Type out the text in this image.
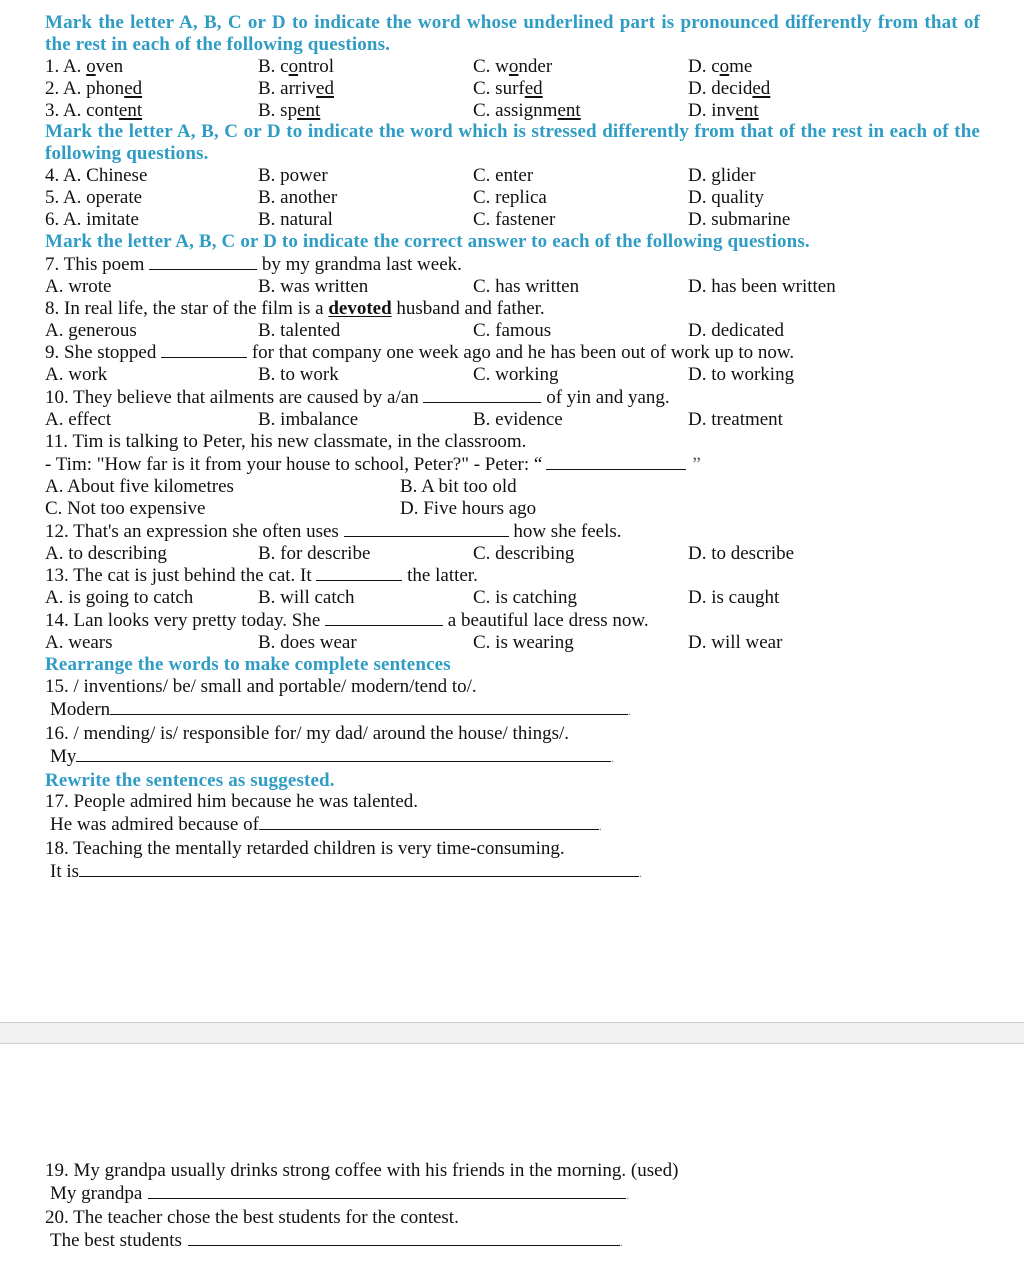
Mark the letter A, B, C or D to indicate the word whose underlined part is pronounced differently from that of the rest in each of the following questions.
1. A. oven	B. control	C. wonder	D. come
2. A. phoned	B. arrived	C. surfed	D. decided
3. A. content	B. spent	C. assignment	D. invent
Mark the letter A, B, C or D to indicate the word which is stressed differently from that of the rest in each of the following questions.
4. A. Chinese	B. power	C. enter	D. glider
5. A. operate	B. another	C. replica	D. quality
6. A. imitate	B. natural	C. fastener	D. submarine
Mark the letter A, B, C or D to indicate the correct answer to each of the following questions.
7. This poem	by my grandma last week.
A. wrote	B. was written	C. has written	D. has been written
8. In real life, the star of the film is a devoted husband and father.
A. generous	B. talented	C. famous	D. dedicated
9. She stopped	for that company one week ago and he has been out of work up to now.
A. work	B. to work	C. working	D. to working
10. They believe that ailments are caused by a/an	of yin and yang.
A. effect	B. imbalance	B. evidence	D. treatment
11. Tim is talking to Peter, his new classmate, in the classroom.
- Tim: "How far is it from your house to school, Peter?" - Peter: “	”
A. About five kilometres	B. A bit too old
C. Not too expensive	D. Five hours ago
12. That's an expression she often uses	how she feels.
A. to describing	B. for describe	C. describing	D. to describe
13. The cat is just behind the cat. It	the latter.
A. is going to catch	B. will catch	C. is catching	D. is caught
14. Lan looks very pretty today. She	a beautiful lace dress now.
A. wears	B. does wear	C. is wearing	D. will wear
Rearrange the words to make complete sentences
15. / inventions/ be/ small and portable/ modern/tend to/.
Modern	.
16. / mending/ is/ responsible for/ my dad/ around the house/ things/.
My	.
Rewrite the sentences as suggested.
17. People admired him because he was talented.
He was admired because of	.
18. Teaching the mentally retarded children is very time-consuming.
It is	.
19. My grandpa usually drinks strong coffee with his friends in the morning. (used)
My grandpa	.
20. The teacher chose the best students for the contest.
The best students	.
